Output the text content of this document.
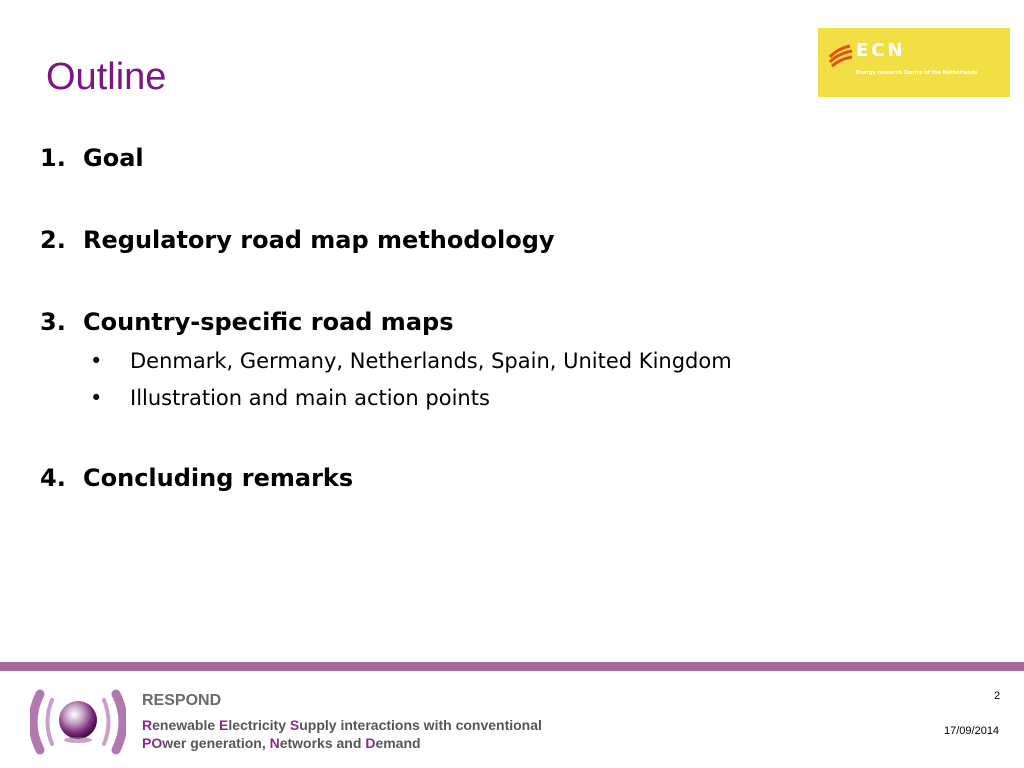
Outline
ECN
Energy research Centre of the Netherlands
1. Goal
2. Regulatory road map methodology
3. Country-specific road maps
• Denmark, Germany, Netherlands, Spain, United Kingdom
• Illustration and main action points
4. Concluding remarks
RESPOND
Renewable Electricity Supply interactions with conventional
POwer generation, Networks and Demand
2
17/09/2014
